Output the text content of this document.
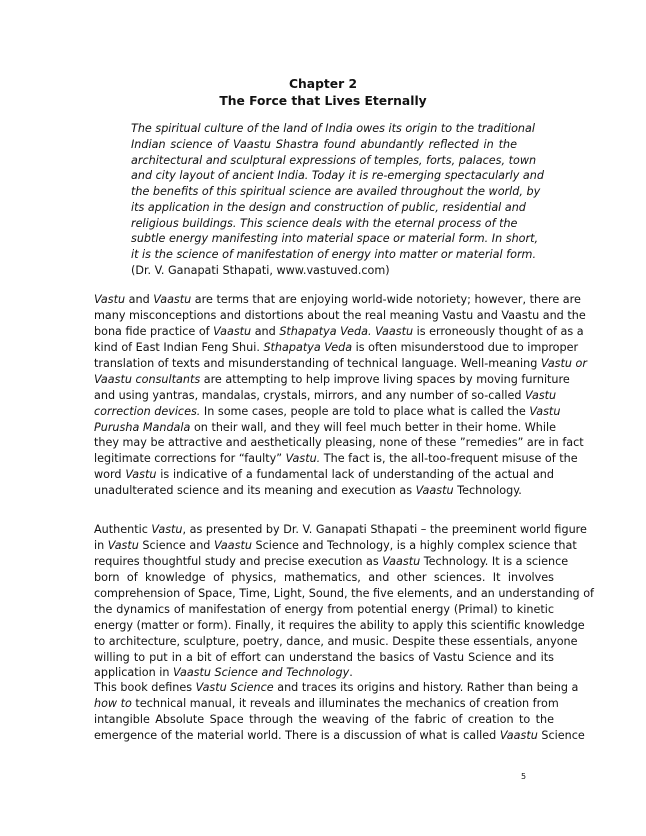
Chapter 2
The Force that Lives Eternally
The spiritual culture of the land of India owes its origin to the traditional
Indian science of Vaastu Shastra found abundantly reflected in the
architectural and sculptural expressions of temples, forts, palaces, town
and city layout of ancient India. Today it is re-emerging spectacularly and
the benefits of this spiritual science are availed throughout the world, by
its application in the design and construction of public, residential and
religious buildings. This science deals with the eternal process of the
subtle energy manifesting into material space or material form. In short,
it is the science of manifestation of energy into matter or material form.
(Dr. V. Ganapati Sthapati, www.vastuved.com)
Vastu and Vaastu are terms that are enjoying world-wide notoriety; however, there are
many misconceptions and distortions about the real meaning Vastu and Vaastu and the
bona fide practice of Vaastu and Sthapatya Veda. Vaastu is erroneously thought of as a
kind of East Indian Feng Shui. Sthapatya Veda is often misunderstood due to improper
translation of texts and misunderstanding of technical language. Well-meaning Vastu or
Vaastu consultants are attempting to help improve living spaces by moving furniture
and using yantras, mandalas, crystals, mirrors, and any number of so-called Vastu
correction devices. In some cases, people are told to place what is called the Vastu
Purusha Mandala on their wall, and they will feel much better in their home. While
they may be attractive and aesthetically pleasing, none of these ”remedies” are in fact
legitimate corrections for “faulty” Vastu. The fact is, the all-too-frequent misuse of the
word Vastu is indicative of a fundamental lack of understanding of the actual and
unadulterated science and its meaning and execution as Vaastu Technology.
Authentic Vastu, as presented by Dr. V. Ganapati Sthapati – the preeminent world figure
in Vastu Science and Vaastu Science and Technology, is a highly complex science that
requires thoughtful study and precise execution as Vaastu Technology. It is a science
born of knowledge of physics, mathematics, and other sciences. It involves
comprehension of Space, Time, Light, Sound, the five elements, and an understanding of
the dynamics of manifestation of energy from potential energy (Primal) to kinetic
energy (matter or form). Finally, it requires the ability to apply this scientific knowledge
to architecture, sculpture, poetry, dance, and music. Despite these essentials, anyone
willing to put in a bit of effort can understand the basics of Vastu Science and its
application in Vaastu Science and Technology.
This book defines Vastu Science and traces its origins and history. Rather than being a
how to technical manual, it reveals and illuminates the mechanics of creation from
intangible Absolute Space through the weaving of the fabric of creation to the
emergence of the material world. There is a discussion of what is called Vaastu Science
5
